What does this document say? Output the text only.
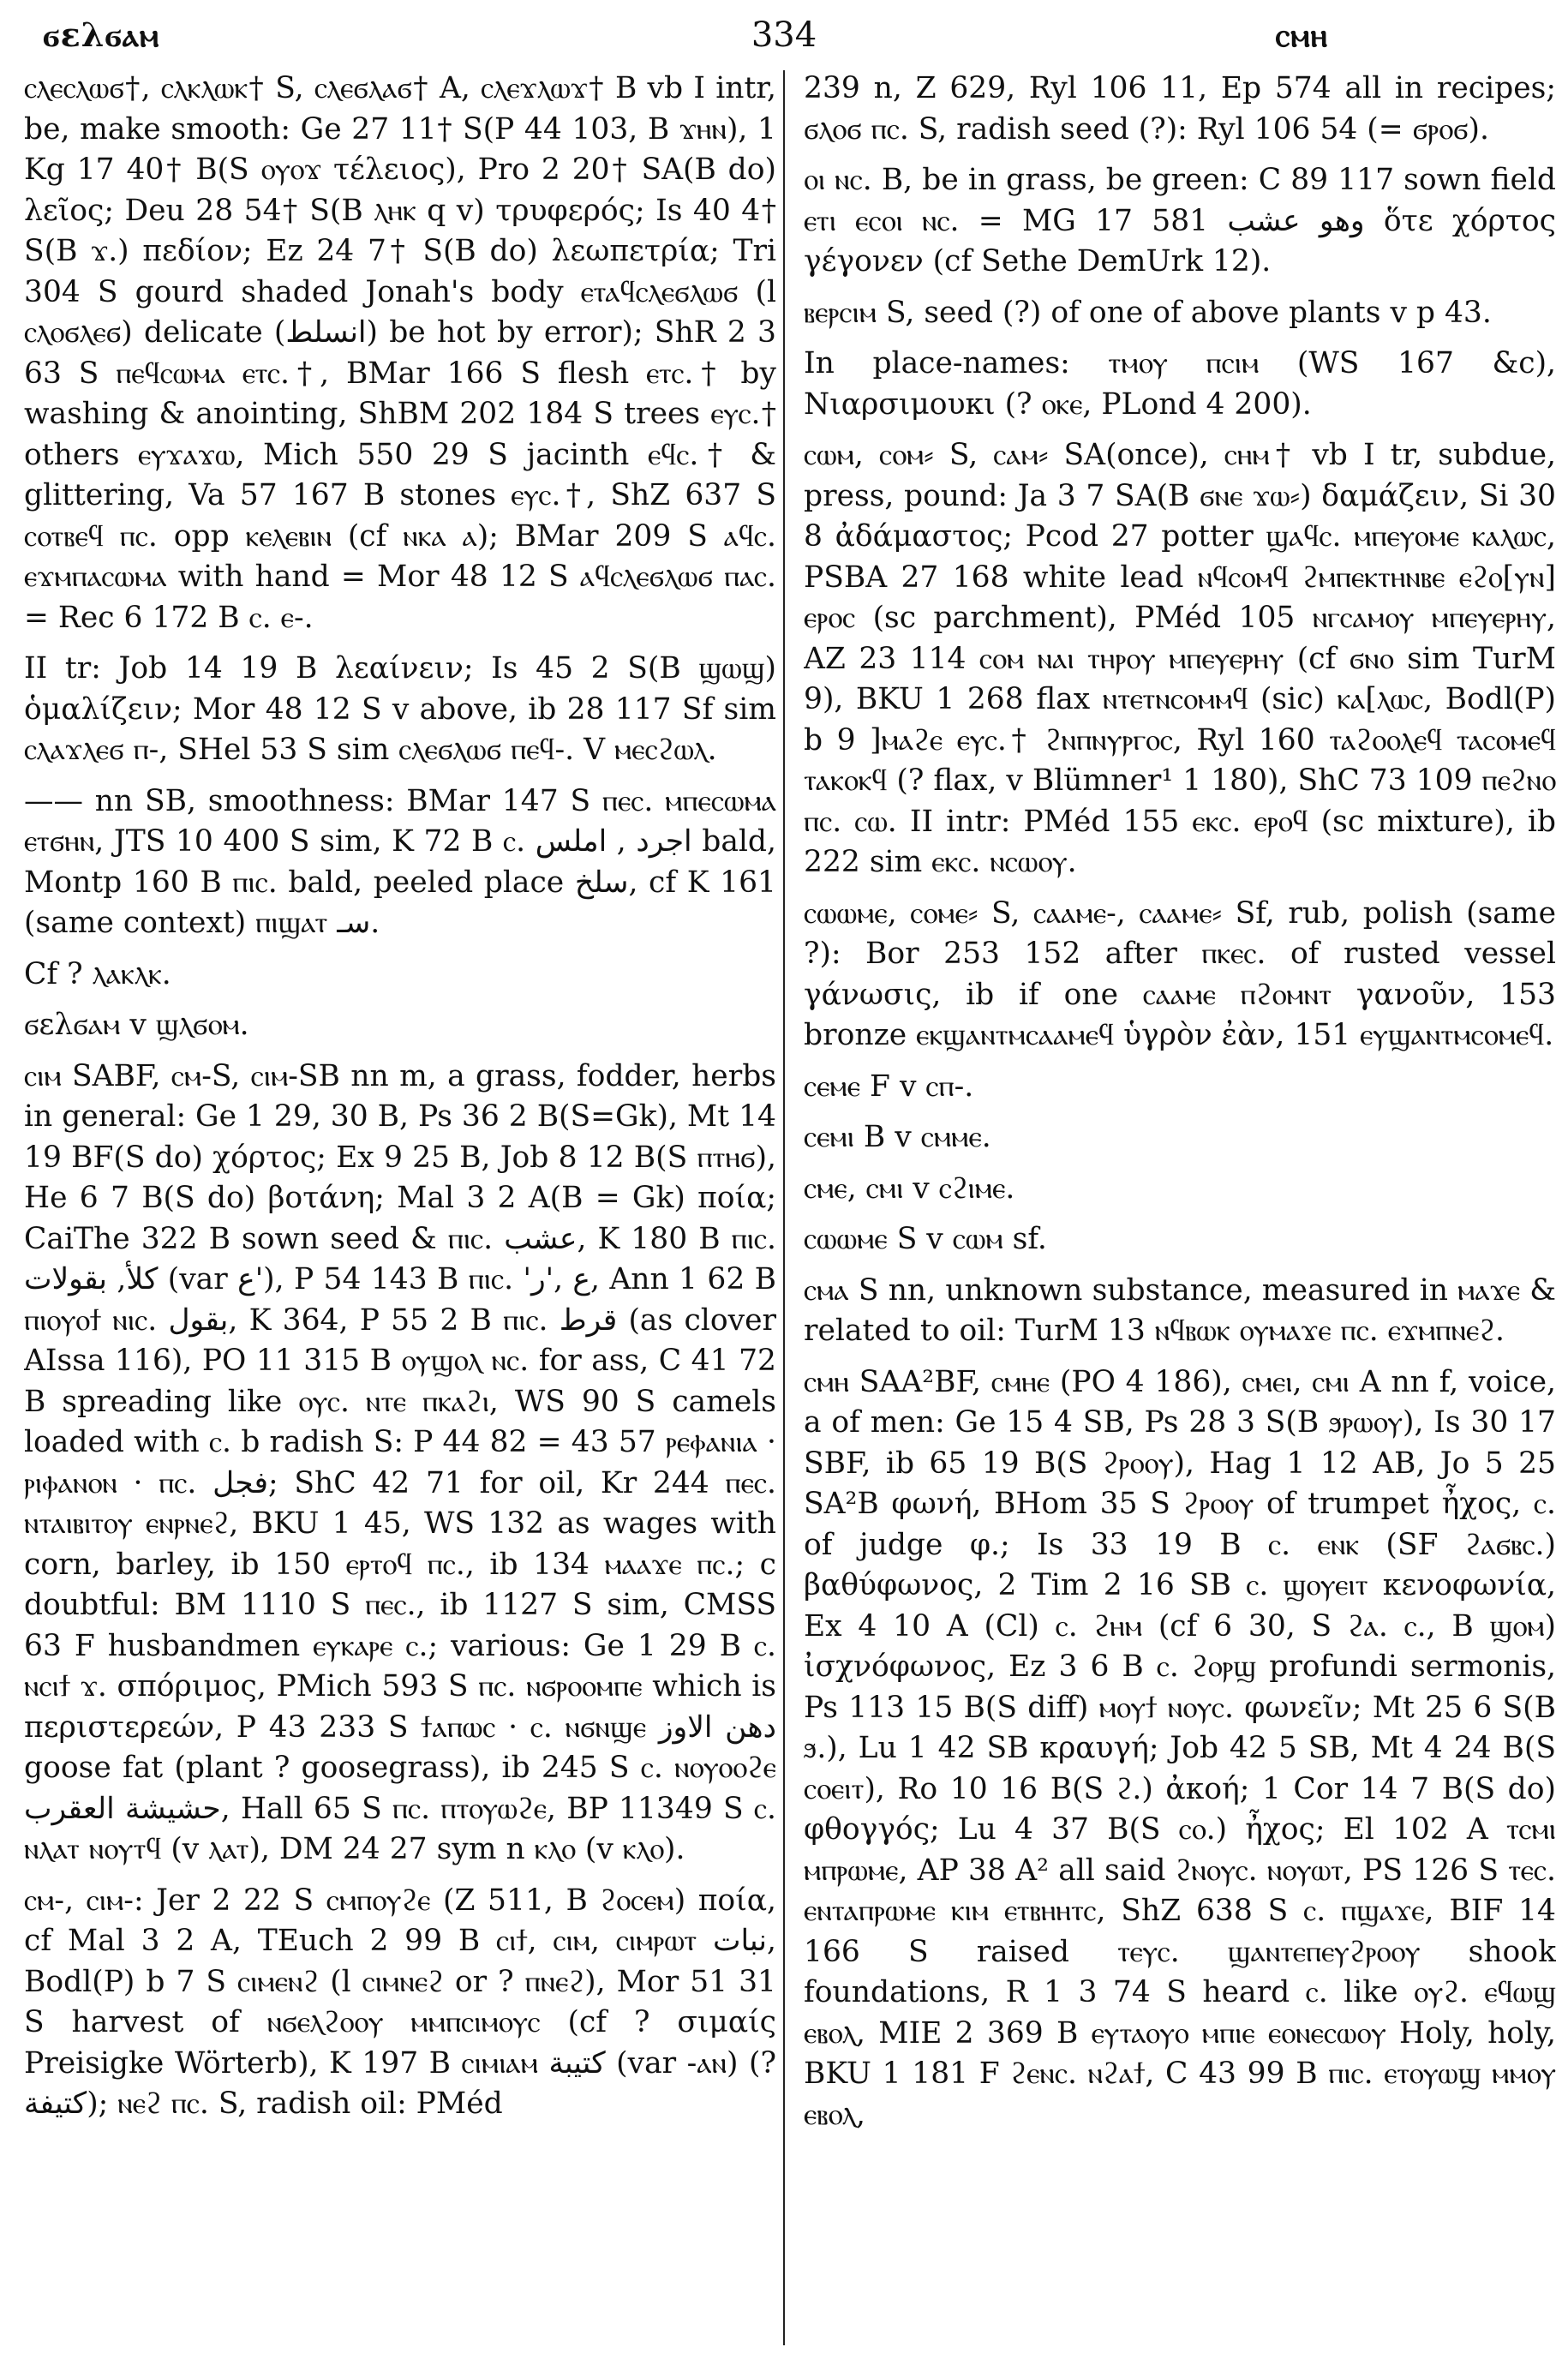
ϭελϭⲁⲙ	334	ⲥⲙⲏ

ⲥⲗⲉⲥⲗⲱϭ†, ⲥⲗⲕⲗⲱⲕ† S, ⲥⲗⲉϭⲗⲁϭ† A, ⲥⲗⲉϫⲗⲱϫ† B vb I intr, be, make smooth: Ge 27 11† S(P 44 103, B ϫⲏⲛ), 1 Kg 17 40† B(S ⲟⲩⲟϫ τέλειος), Pro 2 20† SA(B do) λεῖος; Deu 28 54† S(B ⲗⲏⲕ q v) τρυφερός; Is 40 4† S(B ϫ.) πεδίον; Ez 24 7† S(B do) λεωπετρία; Tri 304 S gourd shaded Jonah's body ⲉⲧⲁϥⲥⲗⲉϭⲗⲱϭ (l ⲥⲗⲟϭⲗⲉϭ) delicate (انسلط) be hot by error); ShR 2 3 63 S ⲡⲉϥⲥⲱⲙⲁ ⲉⲧⲥ.†, BMar 166 S flesh ⲉⲧⲥ.† by washing & anointing, ShBM 202 184 S trees ⲉⲩⲥ.† others ⲉⲩϫⲁϫⲱ, Mich 550 29 S jacinth ⲉϥⲥ.† & glittering, Va 57 167 B stones ⲉⲩⲥ.†, ShZ 637 S ⲥⲟⲧⲃⲉϥ ⲡⲥ. opp ⲕⲉⲗⲉⲃⲓⲛ (cf ⲛⲕⲁ ⲁ); BMar 209 S ⲁϥⲥ. ⲉϫⲙⲡⲁⲥⲱⲙⲁ with hand = Mor 48 12 S ⲁϥⲥⲗⲉϭⲗⲱϭ ⲡⲁⲥ. = Rec 6 172 B ⲥ. ⲉ-.

II tr: Job 14 19 B λεαίνειν; Is 45 2 S(B ϣⲱϣ) ὁμαλίζειν; Mor 48 12 S v above, ib 28 117 Sf sim ⲥⲗⲁϫⲗⲉϭ ⲡ-, SHel 53 S sim ⲥⲗⲉϭⲗⲱϭ ⲡⲉϥ-. V ⲙⲉⲥϩⲱⲗ.

—— nn SB, smoothness: BMar 147 S ⲡⲉⲥ. ⲙⲡⲉⲥⲱⲙⲁ ⲉⲧϭⲏⲛ, JTS 10 400 S sim, K 72 B ⲥ. اجرد , املس bald, Montp 160 B ⲡⲓⲥ. bald, peeled place سلخ, cf K 161 (same context) ⲡⲓϣⲁⲧ سـ.

Cf ? ⲗⲁⲕⲗⲕ.

ϭελϭⲁⲙ v ϣⲗϭⲟⲙ.

ⲥⲓⲙ SABF, ⲥⲙ-S, ⲥⲓⲙ-SB nn m, a grass, fodder, herbs in general: Ge 1 29, 30 B, Ps 36 2 B(S=Gk), Mt 14 19 BF(S do) χόρτος; Ex 9 25 B, Job 8 12 B(S ⲡⲧⲏϭ), He 6 7 B(S do) βοτάνη; Mal 3 2 A(B = Gk) ποία; CaiThe 322 B sown seed & ⲡⲓⲥ. عشب, K 180 B ⲡⲓⲥ. كلأ, بقولات (var ع'), P 54 143 B ⲡⲓⲥ. 'ع ,'ر, Ann 1 62 B ⲡⲓⲟⲩⲟϯ ⲛⲓⲥ. بقول, K 364, P 55 2 B ⲡⲓⲥ. قرط (as clover AIssa 116), PO 11 315 B ⲟⲩϣⲟⲗ ⲛⲥ. for ass, C 41 72 B spreading like ⲟⲩⲥ. ⲛⲧⲉ ⲡⲕⲁϩⲓ, WS 90 S camels loaded with ⲥ. b radish S: P 44 82 = 43 57 ⲣⲉⲫⲁⲛⲓⲁ · ⲣⲓⲫⲁⲛⲟⲛ · ⲡⲥ. فجل; ShC 42 71 for oil, Kr 244 ⲡⲉⲥ. ⲛⲧⲁⲓⲃⲓⲧⲟⲩ ⲉⲛⲣⲛⲉϩ, BKU 1 45, WS 132 as wages with corn, barley, ib 150 ⲉⲣⲧⲟϥ ⲡⲥ., ib 134 ⲙⲁⲁϫⲉ ⲡⲥ.; c doubtful: BM 1110 S ⲡⲉⲥ., ib 1127 S sim, CMSS 63 F husbandmen ⲉⲩⲕⲁⲣⲉ ⲥ.; various: Ge 1 29 B ⲥ. ⲛⲥⲓϯ ϫ. σπόριμος, PMich 593 S ⲡⲥ. ⲛϭⲣⲟⲟⲙⲡⲉ which is περιστερεών, P 43 233 S ϯⲁⲡⲱⲥ · ⲥ. ⲛϭⲛϣⲉ دهن الاوز goose fat (plant ? goosegrass), ib 245 S ⲥ. ⲛⲟⲩⲟⲟϩⲉ حشيشة العقرب, Hall 65 S ⲡⲥ. ⲡⲧⲟⲩⲱϩⲉ, BP 11349 S ⲥ. ⲛⲗⲁⲧ ⲛⲟⲩⲧϥ (v ⲗⲁⲧ), DM 24 27 sym n ⲕⲗⲟ (v ⲕⲗⲟ).

ⲥⲙ-, ⲥⲓⲙ-: Jer 2 22 S ⲥⲙⲡⲟⲩϩⲉ (Z 511, B ϩⲟⲥⲉⲙ) ποία, cf Mal 3 2 A, TEuch 2 99 B ⲥⲓϯ, ⲥⲓⲙ, ⲥⲓⲙⲣⲱⲧ نبات, Bodl(P) b 7 S ⲥⲓⲙⲉⲛϩ (l ⲥⲓⲙⲛⲉϩ or ? ⲡⲛⲉϩ), Mor 51 31 S harvest of ⲛϭⲉⲗϩⲟⲟⲩ ⲙⲙⲡⲥⲓⲙⲟⲩⲥ (cf ? σιμαίς Preisigke Wörterb), K 197 B ⲥⲓⲙⲓⲁⲙ كتيبة (var -ⲁⲛ) (? كتيفة); ⲛⲉϩ ⲡⲥ. S, radish oil: PMéd

239 n, Z 629, Ryl 106 11, Ep 574 all in recipes; ϭⲗⲟϭ ⲡⲥ. S, radish seed (?): Ryl 106 54 (= ϭⲣⲟϭ).

ⲟⲓ ⲛⲥ. B, be in grass, be green: C 89 117 sown field ⲉⲧⲓ ⲉⲥⲟⲓ ⲛⲥ. = MG 17 581 وهو عشب ὅτε χόρτος γέγονεν (cf Sethe DemUrk 12).

ⲃⲉⲣⲥⲓⲙ S, seed (?) of one of above plants v p 43.

In place-names: ⲧⲙⲟⲩ ⲡⲥⲓⲙ (WS 167 &c), Νιαρσιμουκι (? ⲟⲕⲉ, PLond 4 200).

ⲥⲱⲙ, ⲥⲟⲙ⸗ S, ⲥⲁⲙ⸗ SA(once), ⲥⲏⲙ† vb I tr, subdue, press, pound: Ja 3 7 SA(B ϭⲛⲉ ϫⲱ⸗) δαμάζειν, Si 30 8 ἀδάμαστος; Pcod 27 potter ϣⲁϥⲥ. ⲙⲡⲉⲩⲟⲙⲉ ⲕⲁⲗⲱⲥ, PSBA 27 168 white lead ⲛϥⲥⲟⲙϥ ϩⲙⲡⲉⲕⲧⲏⲛⲃⲉ ⲉϩⲟ[ⲩⲛ] ⲉⲣⲟⲥ (sc parchment), PMéd 105 ⲛⲅⲥⲁⲙⲟⲩ ⲙⲡⲉⲩⲉⲣⲏⲩ, AZ 23 114 ⲥⲟⲙ ⲛⲁⲓ ⲧⲏⲣⲟⲩ ⲙⲡⲉⲩⲉⲣⲏⲩ (cf ϭⲛⲟ sim TurM 9), BKU 1 268 flax ⲛⲧⲉⲧⲛⲥⲟⲙⲙϥ (sic) ⲕⲁ[ⲗⲱⲥ, Bodl(P) b 9 ]ⲙⲁϩⲉ ⲉⲩⲥ.† ϩⲛⲡⲛⲩⲣⲅⲟⲥ, Ryl 160 ⲧⲁϩⲟⲟⲗⲉϥ ⲧⲁⲥⲟⲙⲉϥ ⲧⲁⲕⲟⲕϥ (? flax, v Blümner¹ 1 180), ShC 73 109 ⲡⲉϩⲛⲟ ⲡⲥ. ⲥⲱ. II intr: PMéd 155 ⲉⲕⲥ. ⲉⲣⲟϥ (sc mixture), ib 222 sim ⲉⲕⲥ. ⲛⲥⲱⲟⲩ.

ⲥⲱⲱⲙⲉ, ⲥⲟⲙⲉ⸗ S, ⲥⲁⲁⲙⲉ-, ⲥⲁⲁⲙⲉ⸗ Sf, rub, polish (same ?): Bor 253 152 after ⲡⲕⲉⲥ. of rusted vessel γάνωσις, ib if one ⲥⲁⲁⲙⲉ ⲡϩⲟⲙⲛⲧ γανοῦν, 153 bronze ⲉⲕϣⲁⲛⲧⲙⲥⲁⲁⲙⲉϥ ὑγρὸν ἐὰν, 151 ⲉⲩϣⲁⲛⲧⲙⲥⲟⲙⲉϥ.

ⲥⲉⲙⲉ F v ⲥⲡ-.

ⲥⲉⲙⲓ B v ⲥⲙⲙⲉ.

ⲥⲙⲉ, ⲥⲙⲓ v ⲥϩⲓⲙⲉ.

ⲥⲱⲱⲙⲉ S v ⲥⲱⲙ sf.

ⲥⲙⲁ S nn, unknown substance, measured in ⲙⲁϫⲉ & related to oil: TurM 13 ⲛϥⲃⲱⲕ ⲟⲩⲙⲁϫⲉ ⲡⲥ. ⲉϫⲙⲡⲛⲉϩ.

ⲥⲙⲏ SAA²BF, ⲥⲙⲏⲉ (PO 4 186), ⲥⲙⲉⲓ, ⲥⲙⲓ A nn f, voice, a of men: Ge 15 4 SB, Ps 28 3 S(B ϧⲣⲱⲟⲩ), Is 30 17 SBF, ib 65 19 B(S ϩⲣⲟⲟⲩ), Hag 1 12 AB, Jo 5 25 SA²B φωνή, BHom 35 S ϩⲣⲟⲟⲩ of trumpet ἦχος, ⲥ. of judge φ.; Is 33 19 B ⲥ. ⲉⲛⲕ (SF ϩⲁϭⲃⲥ.) βαθύφωνος, 2 Tim 2 16 SB ⲥ. ϣⲟⲩⲉⲓⲧ κενοφωνία, Ex 4 10 A (Cl) ⲥ. ϩⲏⲙ (cf 6 30, S ϩⲁ. ⲥ., B ϣⲟⲙ) ἰσχνόφωνος, Ez 3 6 B ⲥ. ϩⲟⲣϣ profundi sermonis, Ps 113 15 B(S diff) ⲙⲟⲩϯ ⲛⲟⲩⲥ. φωνεῖν; Mt 25 6 S(B ϧ.), Lu 1 42 SB κραυγή; Job 42 5 SB, Mt 4 24 B(S ⲥⲟⲉⲓⲧ), Ro 10 16 B(S ϩ.) ἀκοή; 1 Cor 14 7 B(S do) φθογγός; Lu 4 37 B(S ⲥⲟ.) ἦχος; El 102 A ⲧⲥⲙⲓ ⲙⲡⲣⲱⲙⲉ, AP 38 A² all said ϩⲛⲟⲩⲥ. ⲛⲟⲩⲱⲧ, PS 126 S ⲧⲉⲥ. ⲉⲛⲧⲁⲡⲣⲱⲙⲉ ⲕⲓⲙ ⲉⲧⲃⲏⲏⲧⲥ, ShZ 638 S ⲥ. ⲡϣⲁϫⲉ, BIF 14 166 S raised ⲧⲉⲩⲥ. ϣⲁⲛⲧⲉⲡⲉⲩϩⲣⲟⲟⲩ shook foundations, R 1 3 74 S heard ⲥ. like ⲟⲩϩ. ⲉϥⲱϣ ⲉⲃⲟⲗ, MIE 2 369 B ⲉⲩⲧⲁⲟⲩⲟ ⲙⲡⲓⲉ ⲉⲟⲛⲉⲥⲱⲟⲩ Holy, holy, BKU 1 181 F ϩⲉⲛⲥ. ⲛϩⲁϯ, C 43 99 B ⲡⲓⲥ. ⲉⲧⲟⲩⲱϣ ⲙⲙⲟⲩ ⲉⲃⲟⲗ,
